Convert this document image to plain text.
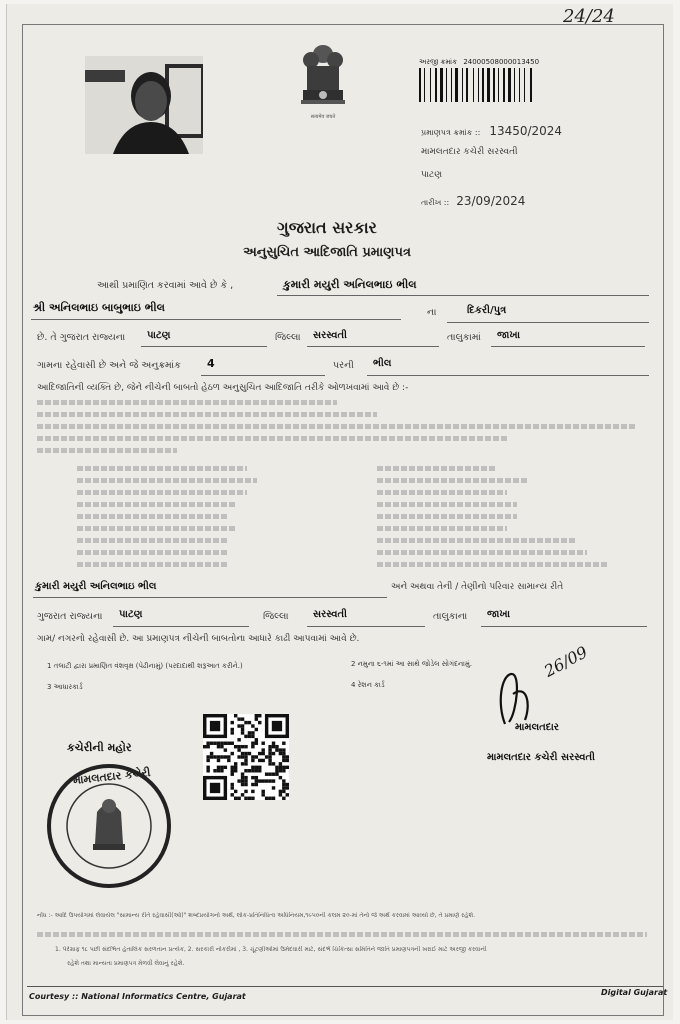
24/24
सत्यमेव जयते
અરજી ક્રમાંક 24000508000013450
પ્રમાણપત્ર ક્રમાંક :: 13450/2024
મામલતદાર કચેરી સરસ્વતી
પાટણ
તારીખ :: 23/09/2024
ગુજરાત સરકાર
અનુસુચિત આદિજાતિ પ્રમાણપત્ર
આથી પ્રમાણિત કરવામાં આવે છે કે ,	કુમારી મયુરી અનિલભાઇ ભીલ
શ્રી અનિલભાઇ બાબુભાઇ ભીલ	ના	દિકરી/પુત્ર
છે. તે ગુજરાત રાજ્યના પાટણ	જિલ્લા સરસ્વતી	તાલુકામાં જાખા
ગામના રહેવાસી છે અને જે અનુક્રમાંક 4	પરની ભીલ
આદિજાતિની વ્યક્તિ છે, જેને નીચેની બાબતો હેઠળ અનુસુચિત આદિજાતિ તરીકે ઓળખવામાં આવે છે :-
કુમારી મયુરી અનિલભાઇ ભીલ	અને અથવા તેની / તેણીનો પરિવાર સામાન્ય રીતે
ગુજરાત રાજ્યના પાટણ	જિલ્લા સરસ્વતી	તાલુકાના જાખા
ગામ/ નગરનો રહેવાસી છે. આ પ્રમાણપત્ર નીચેની બાબતોના આધારે કાઢી આપવામાં આવે છે.
1 તલાટી દ્વારા પ્રમાણિત વંશવૃક્ષ (પેઢીનામું) (પરદાદાથી શરૂઆત કરીને.)	2 નમુના ૬-૧માં આ સાથે જોડેલ સોગંદનામું.
3 આધારકાર્ડ	4 રેશન કાર્ડ
26/09
મામલતદાર
મામલતદાર કચેરી સરસ્વતી
કચેરીની મહોર
મામલતદાર કચેરી
નોંધ :- આદિ ઉપયોગમાં લેવાયેલ "સામાન્ય રીતે રહેવાસી(ઓ)" શબ્દપ્રયોગનો અર્થ, લોક-પ્રતિનિધિત્વ અધિનિયમ,૧૯૫૦ની કલમ ૨૦-માં તેનો જે અર્થ કરવામાં આવ્યો છે, તે પ્રમાણે રહેશે.
1. પેરેગ્રાફ ૧૮ પછી સંદર્ભિત હેતાલિક સરળતાન પ્રત્યેક, 2. સરકારી નોકરીમાં , 3. ચૂંટણીઓમાં ઉમેદવારી માટે, સંદર્ભ ચિકિત્સા સમિતિને જાતિ પ્રમાણપત્રની ખરાઈ માટે અરજી કરવાની
રહેશે તથા માન્યતા પ્રમાણપત્ર મેળવી લેવાનું રહેશે.
Courtesy :: National Informatics Centre, Gujarat	Digital Gujarat
